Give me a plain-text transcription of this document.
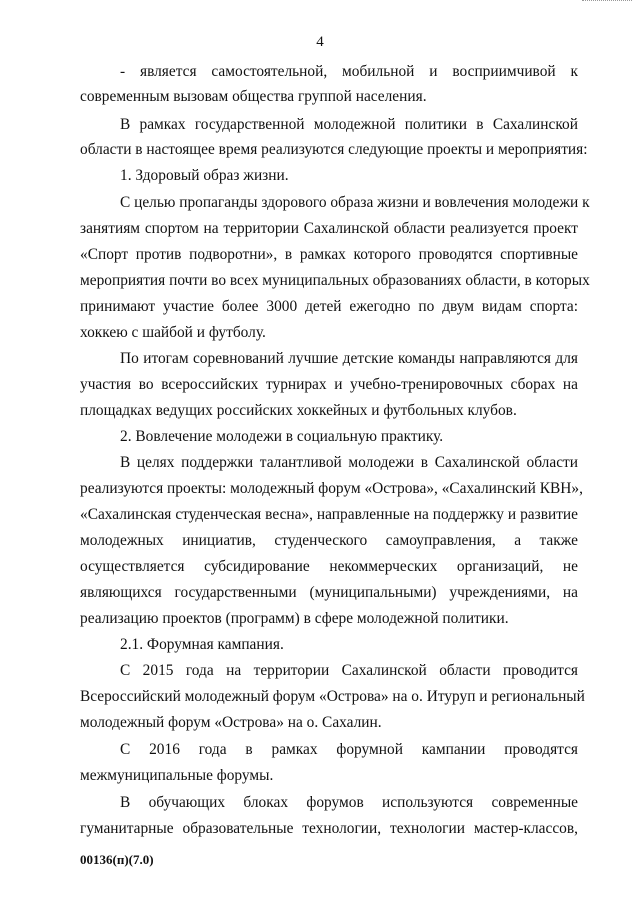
4
- является самостоятельной, мобильной и восприимчивой к
современным вызовам общества группой населения.
В рамках государственной молодежной политики в Сахалинской
области в настоящее время реализуются следующие проекты и мероприятия:
1. Здоровый образ жизни.
С целью пропаганды здорового образа жизни и вовлечения молодежи к
занятиям спортом на территории Сахалинской области реализуется проект
«Спорт против подворотни», в рамках которого проводятся спортивные
мероприятия почти во всех муниципальных образованиях области, в которых
принимают участие более 3000 детей ежегодно по двум видам спорта:
хоккею с шайбой и футболу.
По итогам соревнований лучшие детские команды направляются для
участия во всероссийских турнирах и учебно-тренировочных сборах на
площадках ведущих российских хоккейных и футбольных клубов.
2. Вовлечение молодежи в социальную практику.
В целях поддержки талантливой молодежи в Сахалинской области
реализуются проекты: молодежный форум «Острова», «Сахалинский КВН»,
«Сахалинская студенческая весна», направленные на поддержку и развитие
молодежных инициатив, студенческого самоуправления, а также
осуществляется субсидирование некоммерческих организаций, не
являющихся государственными (муниципальными) учреждениями, на
реализацию проектов (программ) в сфере молодежной политики.
2.1. Форумная кампания.
С 2015 года на территории Сахалинской области проводится
Всероссийский молодежный форум «Острова» на о. Итуруп и региональный
молодежный форум «Острова» на о. Сахалин.
С 2016 года в рамках форумной кампании проводятся
межмуниципальные форумы.
В обучающих блоках форумов используются современные
гуманитарные образовательные технологии, технологии мастер-классов,
00136(п)(7.0)
